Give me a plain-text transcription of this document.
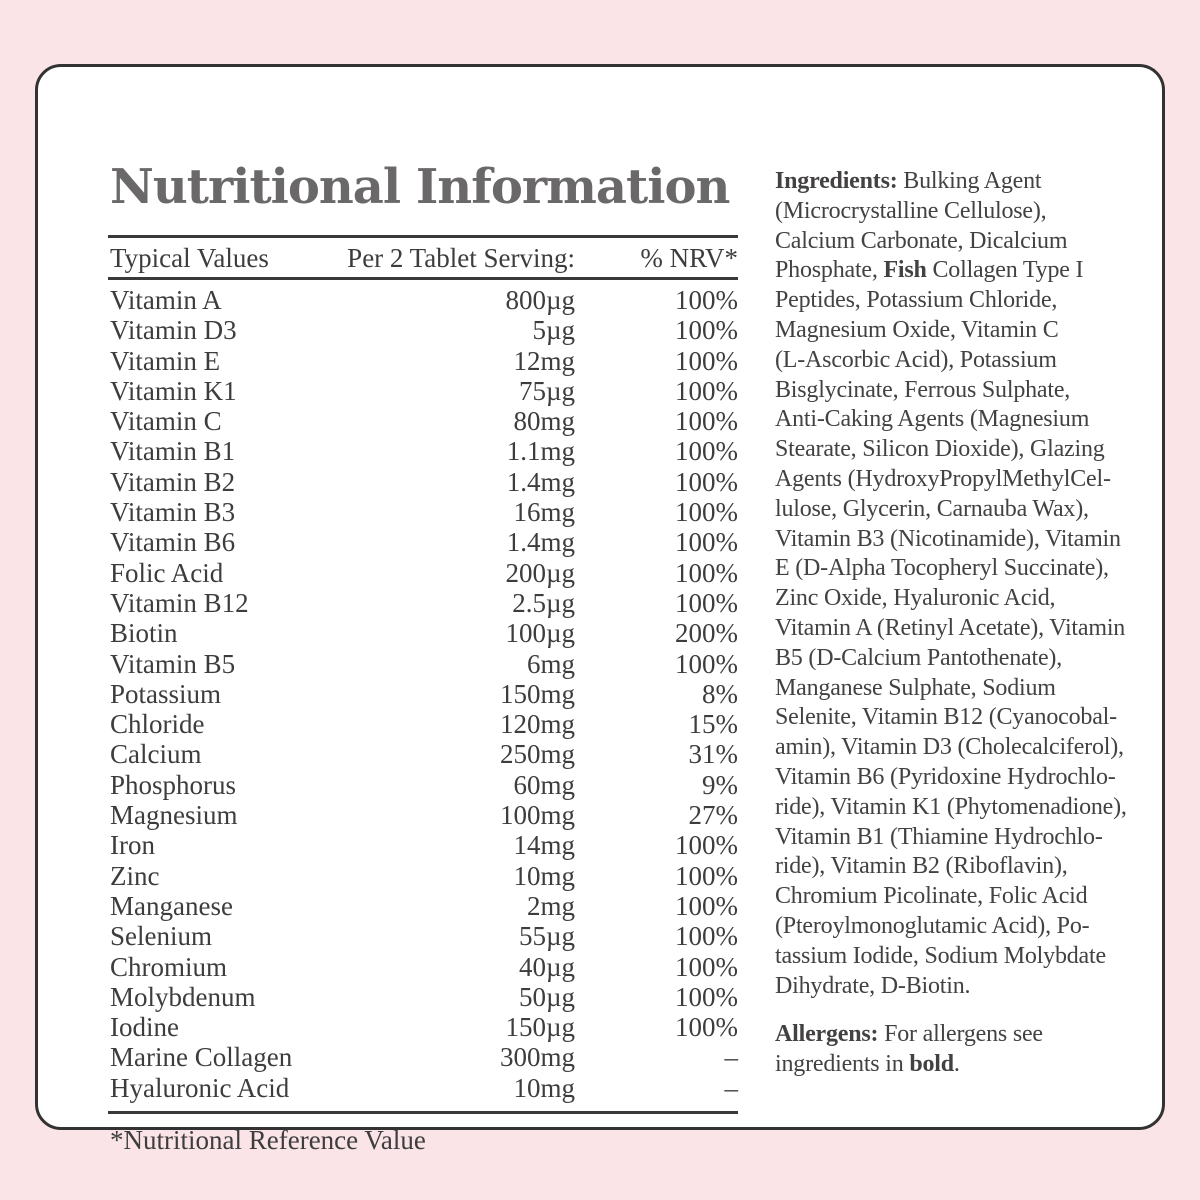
Nutritional Information
Typical Values	Per 2 Tablet Serving:	% NRV*
Vitamin A	800µg	100%
Vitamin D3	5µg	100%
Vitamin E	12mg	100%
Vitamin K1	75µg	100%
Vitamin C	80mg	100%
Vitamin B1	1.1mg	100%
Vitamin B2	1.4mg	100%
Vitamin B3	16mg	100%
Vitamin B6	1.4mg	100%
Folic Acid	200µg	100%
Vitamin B12	2.5µg	100%
Biotin	100µg	200%
Vitamin B5	6mg	100%
Potassium	150mg	8%
Chloride	120mg	15%
Calcium	250mg	31%
Phosphorus	60mg	9%
Magnesium	100mg	27%
Iron	14mg	100%
Zinc	10mg	100%
Manganese	2mg	100%
Selenium	55µg	100%
Chromium	40µg	100%
Molybdenum	50µg	100%
Iodine	150µg	100%
Marine Collagen	300mg	–
Hyaluronic Acid	10mg	–
*Nutritional Reference Value
Ingredients: Bulking Agent
(Microcrystalline Cellulose),
Calcium Carbonate, Dicalcium
Phosphate, Fish Collagen Type I
Peptides, Potassium Chloride,
Magnesium Oxide, Vitamin C
(L-Ascorbic Acid), Potassium
Bisglycinate, Ferrous Sulphate,
Anti-Caking Agents (Magnesium
Stearate, Silicon Dioxide), Glazing
Agents (HydroxyPropylMethylCel-
lulose, Glycerin, Carnauba Wax),
Vitamin B3 (Nicotinamide), Vitamin
E (D-Alpha Tocopheryl Succinate),
Zinc Oxide, Hyaluronic Acid,
Vitamin A (Retinyl Acetate), Vitamin
B5 (D-Calcium Pantothenate),
Manganese Sulphate, Sodium
Selenite, Vitamin B12 (Cyanocobal-
amin), Vitamin D3 (Cholecalciferol),
Vitamin B6 (Pyridoxine Hydrochlo-
ride), Vitamin K1 (Phytomenadione),
Vitamin B1 (Thiamine Hydrochlo-
ride), Vitamin B2 (Riboflavin),
Chromium Picolinate, Folic Acid
(Pteroylmonoglutamic Acid), Po-
tassium Iodide, Sodium Molybdate
Dihydrate, D-Biotin.
Allergens: For allergens see
ingredients in bold.
